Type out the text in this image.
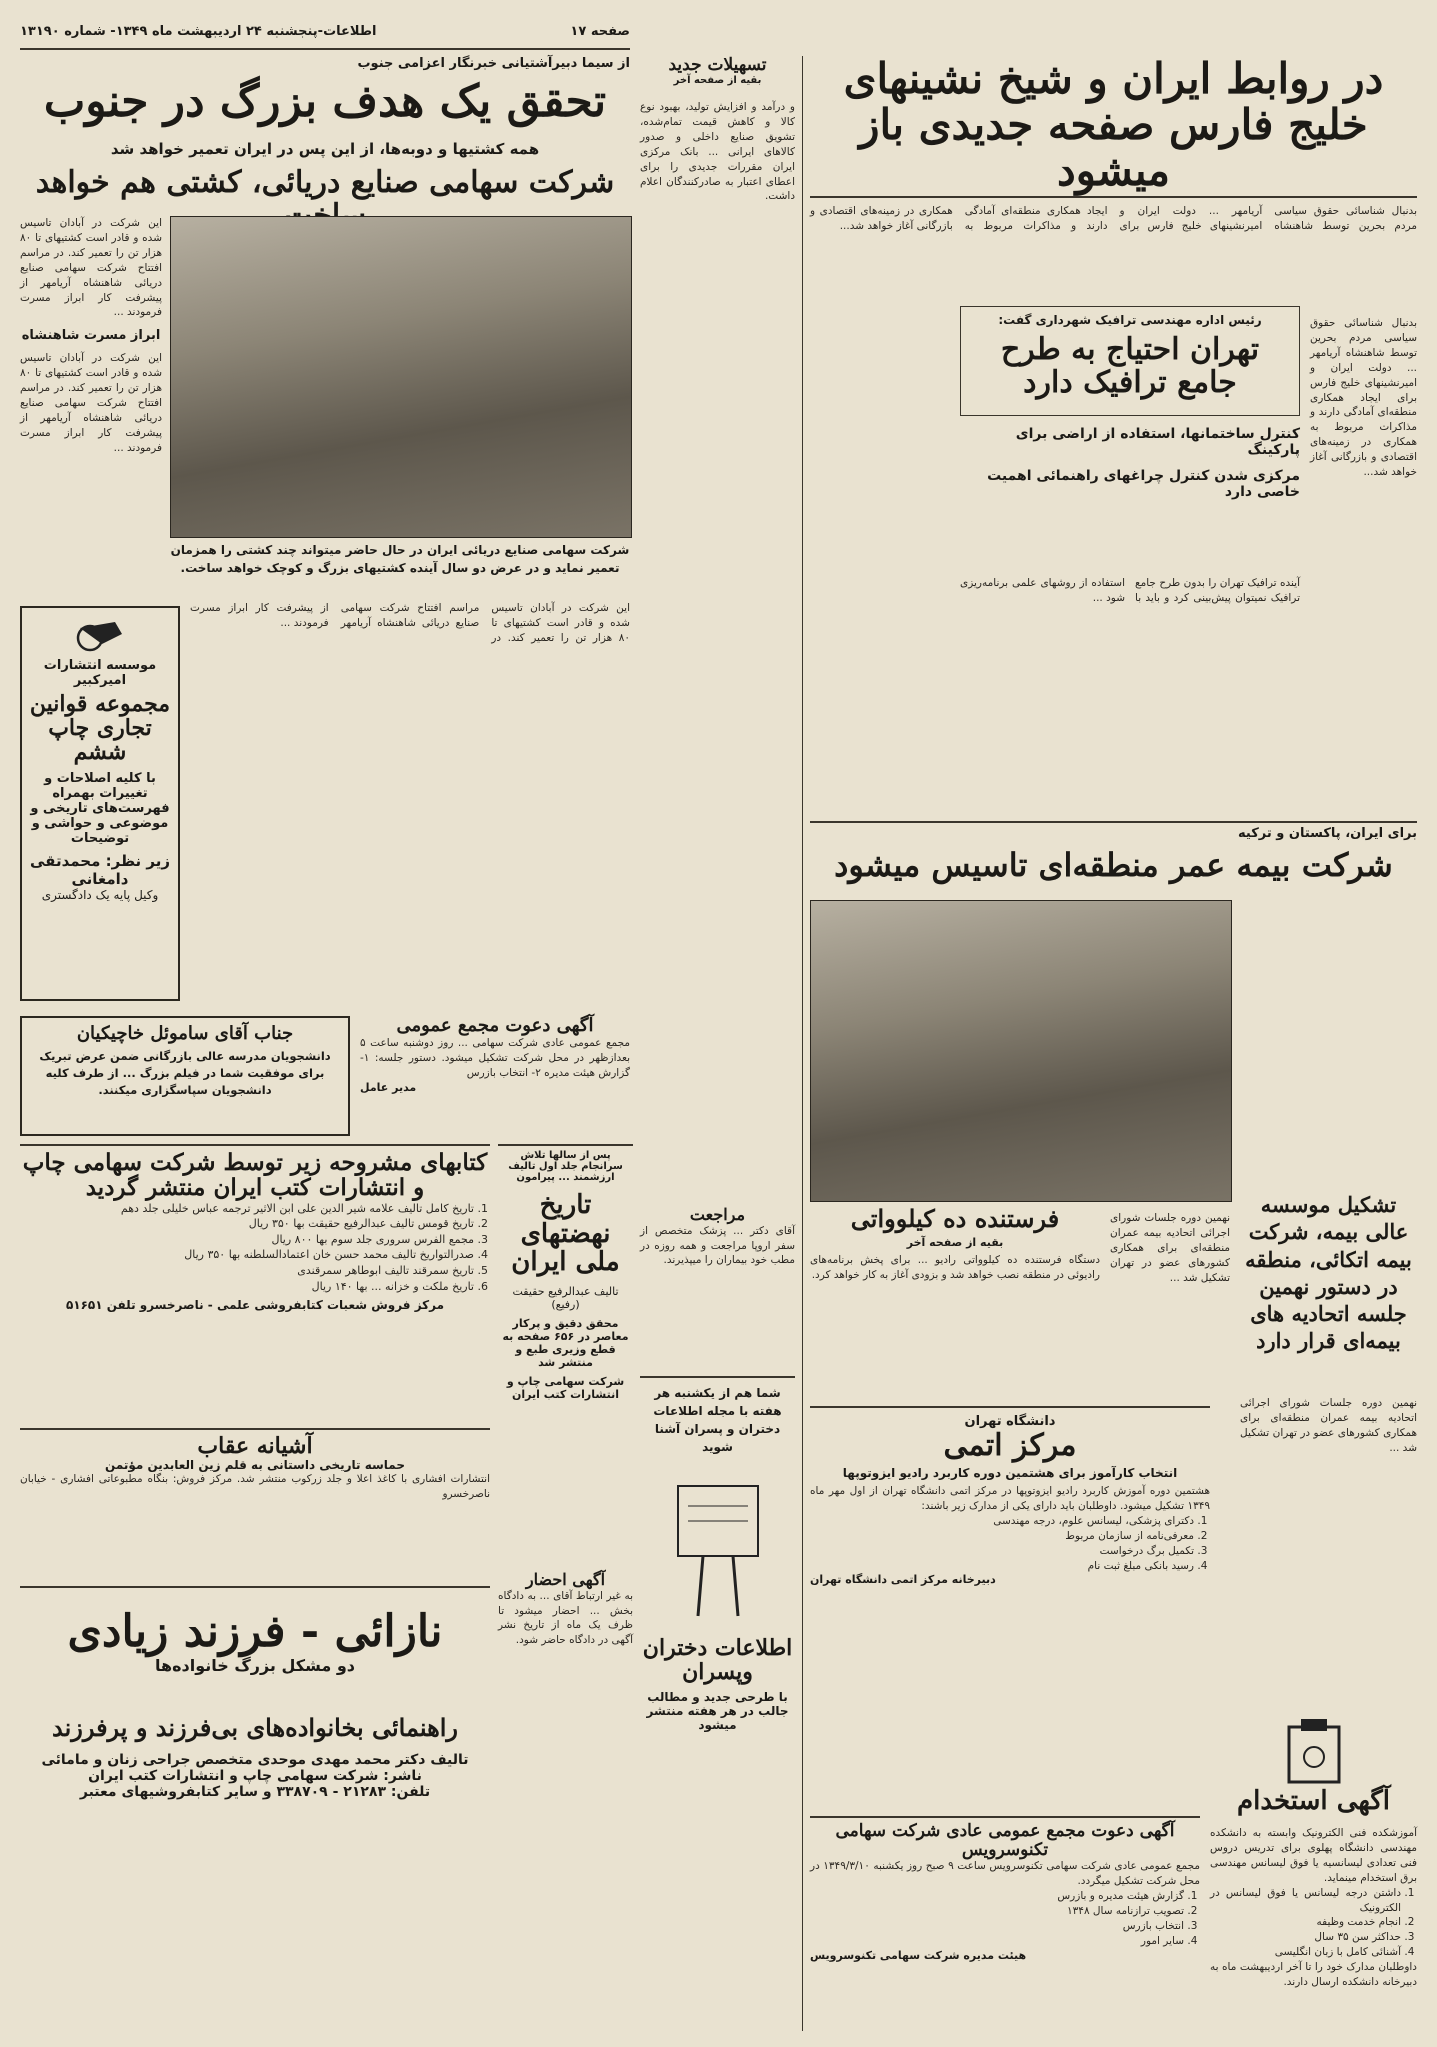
صفحه ۱۷
اطلاعات-پنجشنبه ۲۴ اردیبهشت ماه ۱۳۴۹- شماره ۱۳۱۹۰
در روابط ایران و شیخ نشینهای خلیج فارس صفحه جدیدی باز میشود
بدنبال شناسائی حقوق سیاسی مردم بحرین توسط شاهنشاه آریامهر ... دولت ایران و امیرنشینهای خلیج فارس برای ایجاد همکاری منطقه‌ای آمادگی دارند و مذاکرات مربوط به همکاری در زمینه‌های اقتصادی و بازرگانی آغاز خواهد شد...
رئیس اداره مهندسی ترافیک شهرداری گفت:
تهران احتیاج به طرح جامع ترافیک دارد
کنترل ساختمانها، استفاده از اراضی برای پارکینگ
مرکزی شدن کنترل چراغهای راهنمائی اهمیت خاصی دارد
آینده ترافیک تهران را بدون طرح جامع ترافیک نمیتوان پیش‌بینی کرد و باید با استفاده از روشهای علمی برنامه‌ریزی شود ...
بدنبال شناسائی حقوق سیاسی مردم بحرین توسط شاهنشاه آریامهر ... دولت ایران و امیرنشینهای خلیج فارس برای ایجاد همکاری منطقه‌ای آمادگی دارند و مذاکرات مربوط به همکاری در زمینه‌های اقتصادی و بازرگانی آغاز خواهد شد...
برای ایران، پاکستان و ترکیه
شرکت بیمه عمر منطقه‌ای تاسیس میشود
تشکیل موسسه عالی بیمه، شرکت بیمه اتکائی، منطقه در دستور نهمین جلسه اتحادیه های بیمه‌ای قرار دارد
نهمین دوره جلسات شورای اجرائی اتحادیه بیمه عمران منطقه‌ای برای همکاری کشورهای عضو در تهران تشکیل شد ...
نهمین دوره جلسات شورای اجرائی اتحادیه بیمه عمران منطقه‌ای برای همکاری کشورهای عضو در تهران تشکیل شد ...
آگهی استخدام
آموزشکده فنی الکترونیک وابسته به دانشکده مهندسی دانشگاه پهلوی برای تدریس دروس فنی تعدادی لیسانسیه یا فوق لیسانس مهندسی برق استخدام مینماید.
1. داشتن درجه لیسانس یا فوق لیسانس در الکترونیک
2. انجام خدمت وظیفه
3. حداکثر سن ۳۵ سال
4. آشنائی کامل با زبان انگلیسی
داوطلبان مدارک خود را تا آخر اردیبهشت ماه به دبیرخانه دانشکده ارسال دارند.
فرستنده ده کیلوواتی
بقیه از صفحه آخر
دستگاه فرستنده ده کیلوواتی رادیو ... برای پخش برنامه‌های رادیوئی در منطقه نصب خواهد شد و بزودی آغاز به کار خواهد کرد.
دانشگاه تهران
مرکز اتمی
انتخاب کارآموز برای هشتمین دوره کاربرد رادیو ایزوتوپها
هشتمین دوره آموزش کاربرد رادیو ایزوتوپها در مرکز اتمی دانشگاه تهران از اول مهر ماه ۱۳۴۹ تشکیل میشود. داوطلبان باید دارای یکی از مدارک زیر باشند:
1. دکترای پزشکی، لیسانس علوم، درجه مهندسی
2. معرفی‌نامه از سازمان مربوط
3. تکمیل برگ درخواست
4. رسید بانکی مبلغ ثبت نام
دبیرخانه مرکز اتمی دانشگاه تهران
آگهی دعوت مجمع عمومی عادی شرکت سهامی تکنوسرویس
مجمع عمومی عادی شرکت سهامی تکنوسرویس ساعت ۹ صبح روز یکشنبه ۱۳۴۹/۳/۱۰ در محل شرکت تشکیل میگردد.
1. گزارش هیئت مدیره و بازرس
2. تصویب ترازنامه سال ۱۳۴۸
3. انتخاب بازرس
4. سایر امور
هیئت مدیره شرکت سهامی تکنوسرویس
تسهیلات جدید
بقیه از صفحه آخر
و درآمد و افزایش تولید، بهبود نوع کالا و کاهش قیمت تمام‌شده، تشویق صنایع داخلی و صدور کالاهای ایرانی ... بانک مرکزی ایران مقررات جدیدی را برای اعطای اعتبار به صادرکنندگان اعلام داشت.
از سیما دبیرآشتیانی خبرنگار اعزامی جنوب
تحقق یک هدف بزرگ در جنوب
همه کشتیها و دوبه‌ها، از این پس در ایران تعمیر خواهد شد
شرکت سهامی صنایع دریائی، کشتی هم خواهد
شرکت سهامی صنایع دریائی ایران در حال حاضر میتواند چند کشتی را همزمان تعمیر نماید و در عرض دو سال آینده کشتیهای بزرگ و کوچک خواهد ساخت.
این شرکت در آبادان تاسیس شده و قادر است کشتیهای تا ۸۰ هزار تن را تعمیر کند. در مراسم افتتاح شرکت سهامی صنایع دریائی شاهنشاه آریامهر از پیشرفت کار ابراز مسرت فرمودند ...
ابراز مسرت شاهنشاه
این شرکت در آبادان تاسیس شده و قادر است کشتیهای تا ۸۰ هزار تن را تعمیر کند. در مراسم افتتاح شرکت سهامی صنایع دریائی شاهنشاه آریامهر از پیشرفت کار ابراز مسرت فرمودند ...
این شرکت در آبادان تاسیس شده و قادر است کشتیهای تا ۸۰ هزار تن را تعمیر کند. در مراسم افتتاح شرکت سهامی صنایع دریائی شاهنشاه آریامهر از پیشرفت کار ابراز مسرت فرمودند ...
موسسه انتشارات امیرکبیر
مجموعه قوانین تجاری چاپ ششم
با کلیه اصلاحات و تغییرات بهمراه فهرست‌های تاریخی و موضوعی و حواشی و توضیحات
زیر نظر: محمدتقی دامغانی
وکیل پایه یک دادگستری
جناب آقای ساموئل خاچیکیان
دانشجویان مدرسه عالی بازرگانی ضمن عرض تبریک برای موفقیت شما در فیلم بزرگ ... از طرف کلیه دانشجویان سپاسگزاری میکنند.
آگهی دعوت مجمع عمومی
مجمع عمومی عادی شرکت سهامی ... روز دوشنبه ساعت ۵ بعدازظهر در محل شرکت تشکیل میشود. دستور جلسه: ۱- گزارش هیئت مدیره ۲- انتخاب بازرس
مدیر عامل
کتابهای مشروحه زیر توسط شرکت سهامی چاپ و انتشارات کتب ایران منتشر گردید
1. تاریخ کامل تالیف علامه شیر الدین علی ابن الاثیر ترجمه عباس خلیلی جلد دهم
2. تاریخ قومس تالیف عبدالرفیع حقیقت بها ۳۵۰ ریال
3. مجمع الفرس سروری جلد سوم بها ۸۰۰ ریال
4. صدرالتواریخ تالیف محمد حسن خان اعتمادالسلطنه بها ۳۵۰ ریال
5. تاریخ سمرقند تالیف ابوطاهر سمرقندی
6. تاریخ ملکت و خزانه ... بها ۱۴۰ ریال
مرکز فروش شعبات کتابفروشی علمی - ناصرخسرو تلفن ۵۱۶۵۱
پس از سالها تلاش سرانجام جلد اول تالیف ارزشمند ... پیرامون
تاریخ نهضتهای ملی ایران
تالیف عبدالرفیع حقیقت (رفیع)
محقق دقیق و پرکار معاصر در ۶۵۶ صفحه به قطع وزیری طبع و منتشر شد
شرکت سهامی چاپ و انتشارات کتب ایران
آشیانه عقاب
حماسه تاریخی داستانی به قلم زین العابدین مؤتمن
انتشارات افشاری با کاغذ اعلا و جلد زرکوب منتشر شد. مرکز فروش: بنگاه مطبوعاتی افشاری - خیابان ناصرخسرو
آگهی احضار
به غیر ارتباط آقای ... به دادگاه بخش ... احضار میشود تا ظرف یک ماه از تاریخ نشر آگهی در دادگاه حاضر شود.
مراجعت
آقای دکتر ... پزشک متخصص از سفر اروپا مراجعت و همه روزه در مطب خود بیماران را میپذیرند.
شما هم از یکشنبه هر هفته با مجله اطلاعات دختران و پسران آشنا شوید
اطلاعات دختران وپسران
با طرحی جدید و مطالب جالب در هر هفته منتشر میشود
نازائی - فرزند زیادی
دو مشکل بزرگ خانواده‌ها
راهنمائی بخانواده‌های بی‌فرزند و پرفرزند
تالیف دکتر محمد مهدی موحدی متخصص جراحی زنان و مامائی
ناشر: شرکت سهامی چاپ و انتشارات کتب ایران
تلفن: ۲۱۲۸۳ - ۳۳۸۷۰۹ و سایر کتابفروشیهای معتبر
